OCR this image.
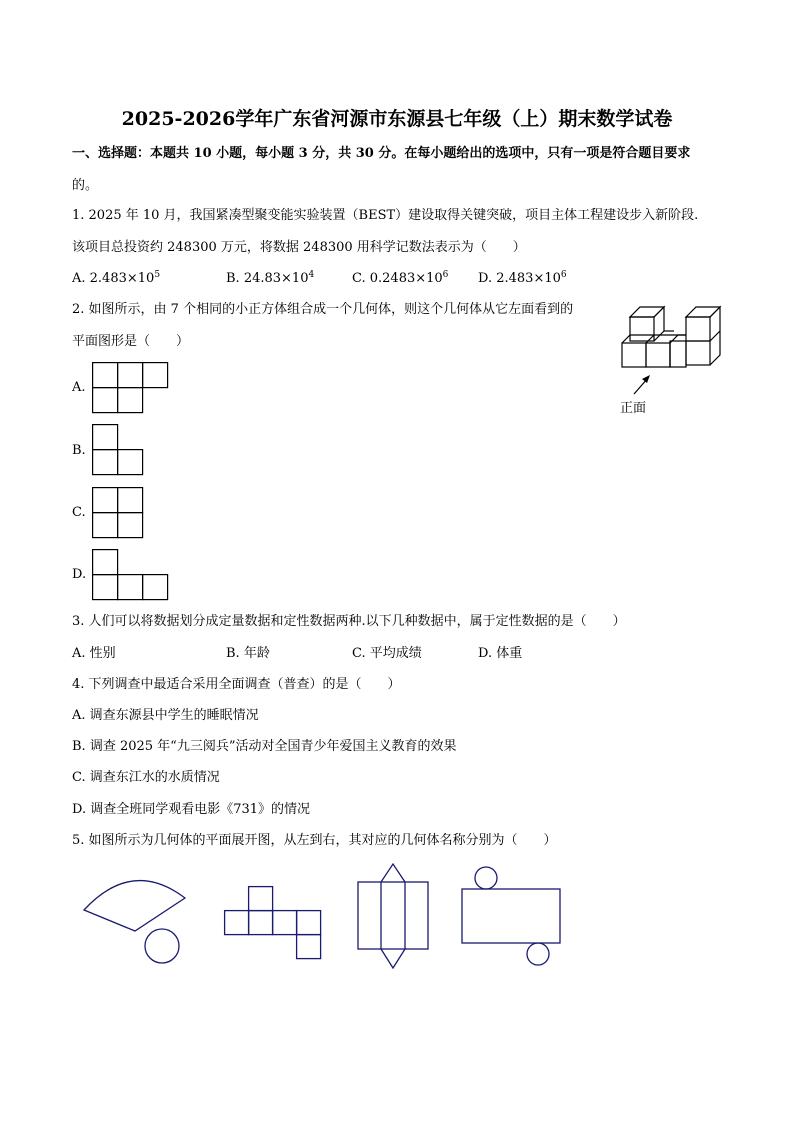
2025-2026学年广东省河源市东源县七年级（上）期末数学试卷
一、选择题：本题共 10 小题，每小题 3 分，共 30 分。在每小题给出的选项中，只有一项是符合题目要求
的。
1. 2025 年 10 月，我国紧凑型聚变能实验装置（BEST）建设取得关键突破，项目主体工程建设步入新阶段.
该项目总投资约 248300 万元，将数据 248300 用科学记数法表示为（　　）
A. $2.483\times 10^5$	B. $24.83\times 10^4$	C. $0.2483\times 10^6$ D. $2.483\times 10^6$
2. 如图所示，由 7 个相同的小正方体组合成一个几何体，则这个几何体从它左面看到的
平面图形是（　　）
正面
A.
B.
C.
D.
3. 人们可以将数据划分成定量数据和定性数据两种.以下几种数据中，属于定性数据的是（　　）
A. 性别	B. 年龄	C. 平均成绩	D. 体重
4. 下列调查中最适合采用全面调查（普查）的是（　　）
A. 调查东源县中学生的睡眠情况
B. 调查 2025 年“九三阅兵”活动对全国青少年爱国主义教育的效果
C. 调查东江水的水质情况
D. 调查全班同学观看电影《731》的情况
5. 如图所示为几何体的平面展开图，从左到右，其对应的几何体名称分别为（　　）
